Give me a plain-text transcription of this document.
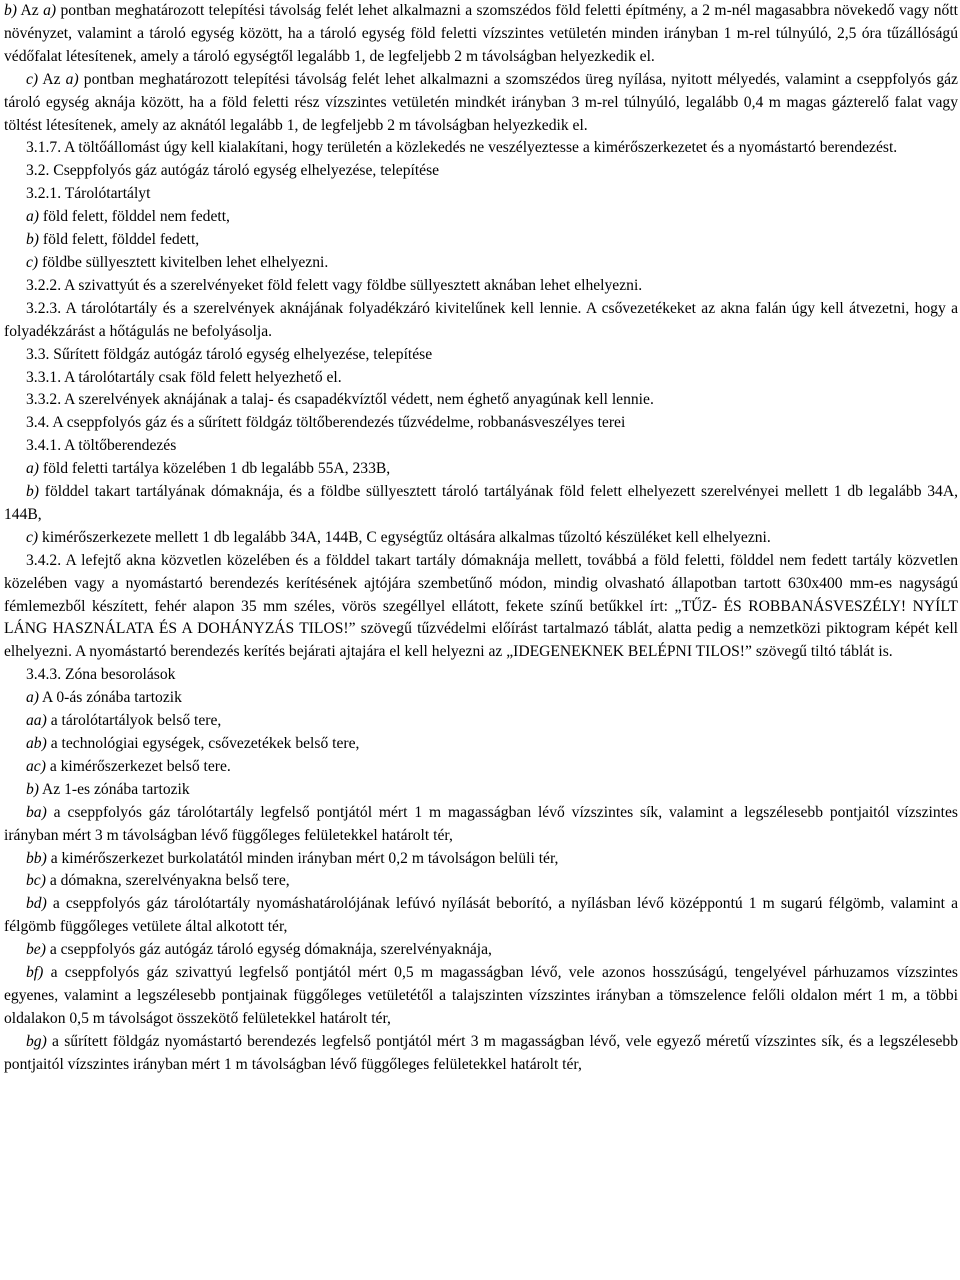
b) Az a) pontban meghatározott telepítési távolság felét lehet alkalmazni a szomszédos föld feletti építmény, a 2 m-nél magasabbra növekedő vagy nőtt növényzet, valamint a tároló egység között, ha a tároló egység föld feletti vízszintes vetületén minden irányban 1 m-rel túlnyúló, 2,5 óra tűzállóságú védőfalat létesítenek, amely a tároló egységtől legalább 1, de legfeljebb 2 m távolságban helyezkedik el.

c) Az a) pontban meghatározott telepítési távolság felét lehet alkalmazni a szomszédos üreg nyílása, nyitott mélyedés, valamint a cseppfolyós gáz tároló egység aknája között, ha a föld feletti rész vízszintes vetületén mindkét irányban 3 m-rel túlnyúló, legalább 0,4 m magas gázterelő falat vagy töltést létesítenek, amely az aknától legalább 1, de legfeljebb 2 m távolságban helyezkedik el.

3.1.7. A töltőállomást úgy kell kialakítani, hogy területén a közlekedés ne veszélyeztesse a kimérőszerkezetet és a nyomástartó berendezést.

3.2. Cseppfolyós gáz autógáz tároló egység elhelyezése, telepítése

3.2.1. Tárolótartályt

a) föld felett, földdel nem fedett,

b) föld felett, földdel fedett,

c) földbe süllyesztett kivitelben lehet elhelyezni.

3.2.2. A szivattyút és a szerelvényeket föld felett vagy földbe süllyesztett aknában lehet elhelyezni.

3.2.3. A tárolótartály és a szerelvények aknájának folyadékzáró kivitelűnek kell lennie. A csővezetékeket az akna falán úgy kell átvezetni, hogy a folyadékzárást a hőtágulás ne befolyásolja.

3.3. Sűrített földgáz autógáz tároló egység elhelyezése, telepítése

3.3.1. A tárolótartály csak föld felett helyezhető el.

3.3.2. A szerelvények aknájának a talaj- és csapadékvíztől védett, nem éghető anyagúnak kell lennie.

3.4. A cseppfolyós gáz és a sűrített földgáz töltőberendezés tűzvédelme, robbanásveszélyes terei

3.4.1. A töltőberendezés

a) föld feletti tartálya közelében 1 db legalább 55A, 233B,

b) földdel takart tartályának dómaknája, és a földbe süllyesztett tároló tartályának föld felett elhelyezett szerelvényei mellett 1 db legalább 34A, 144B,

c) kimérőszerkezete mellett 1 db legalább 34A, 144B, C egységtűz oltására alkalmas tűzoltó készüléket kell elhelyezni.

3.4.2. A lefejtő akna közvetlen közelében és a földdel takart tartály dómaknája mellett, továbbá a föld feletti, földdel nem fedett tartály közvetlen közelében vagy a nyomástartó berendezés kerítésének ajtójára szembetűnő módon, mindig olvasható állapotban tartott 630x400 mm-es nagyságú fémlemezből készített, fehér alapon 35 mm széles, vörös szegéllyel ellátott, fekete színű betűkkel írt: „TŰZ- ÉS ROBBANÁSVESZÉLY! NYÍLT LÁNG HASZNÁLATA ÉS A DOHÁNYZÁS TILOS!” szövegű tűzvédelmi előírást tartalmazó táblát, alatta pedig a nemzetközi piktogram képét kell elhelyezni. A nyomástartó berendezés kerítés bejárati ajtajára el kell helyezni az „IDEGENEKNEK BELÉPNI TILOS!” szövegű tiltó táblát is.

3.4.3. Zóna besorolások

a) A 0-ás zónába tartozik

aa) a tárolótartályok belső tere,

ab) a technológiai egységek, csővezetékek belső tere,

ac) a kimérőszerkezet belső tere.

b) Az 1-es zónába tartozik

ba) a cseppfolyós gáz tárolótartály legfelső pontjától mért 1 m magasságban lévő vízszintes sík, valamint a legszélesebb pontjaitól vízszintes irányban mért 3 m távolságban lévő függőleges felületekkel határolt tér,

bb) a kimérőszerkezet burkolatától minden irányban mért 0,2 m távolságon belüli tér,

bc) a dómakna, szerelvényakna belső tere,

bd) a cseppfolyós gáz tárolótartály nyomáshatárolójának lefúvó nyílását beborító, a nyílásban lévő középpontú 1 m sugarú félgömb, valamint a félgömb függőleges vetülete által alkotott tér,

be) a cseppfolyós gáz autógáz tároló egység dómaknája, szerelvényaknája,

bf) a cseppfolyós gáz szivattyú legfelső pontjától mért 0,5 m magasságban lévő, vele azonos hosszúságú, tengelyével párhuzamos vízszintes egyenes, valamint a legszélesebb pontjainak függőleges vetületétől a talajszinten vízszintes irányban a tömszelence felőli oldalon mért 1 m, a többi oldalakon 0,5 m távolságot összekötő felületekkel határolt tér,

bg) a sűrített földgáz nyomástartó berendezés legfelső pontjától mért 3 m magasságban lévő, vele egyező méretű vízszintes sík, és a legszélesebb pontjaitól vízszintes irányban mért 1 m távolságban lévő függőleges felületekkel határolt tér,
